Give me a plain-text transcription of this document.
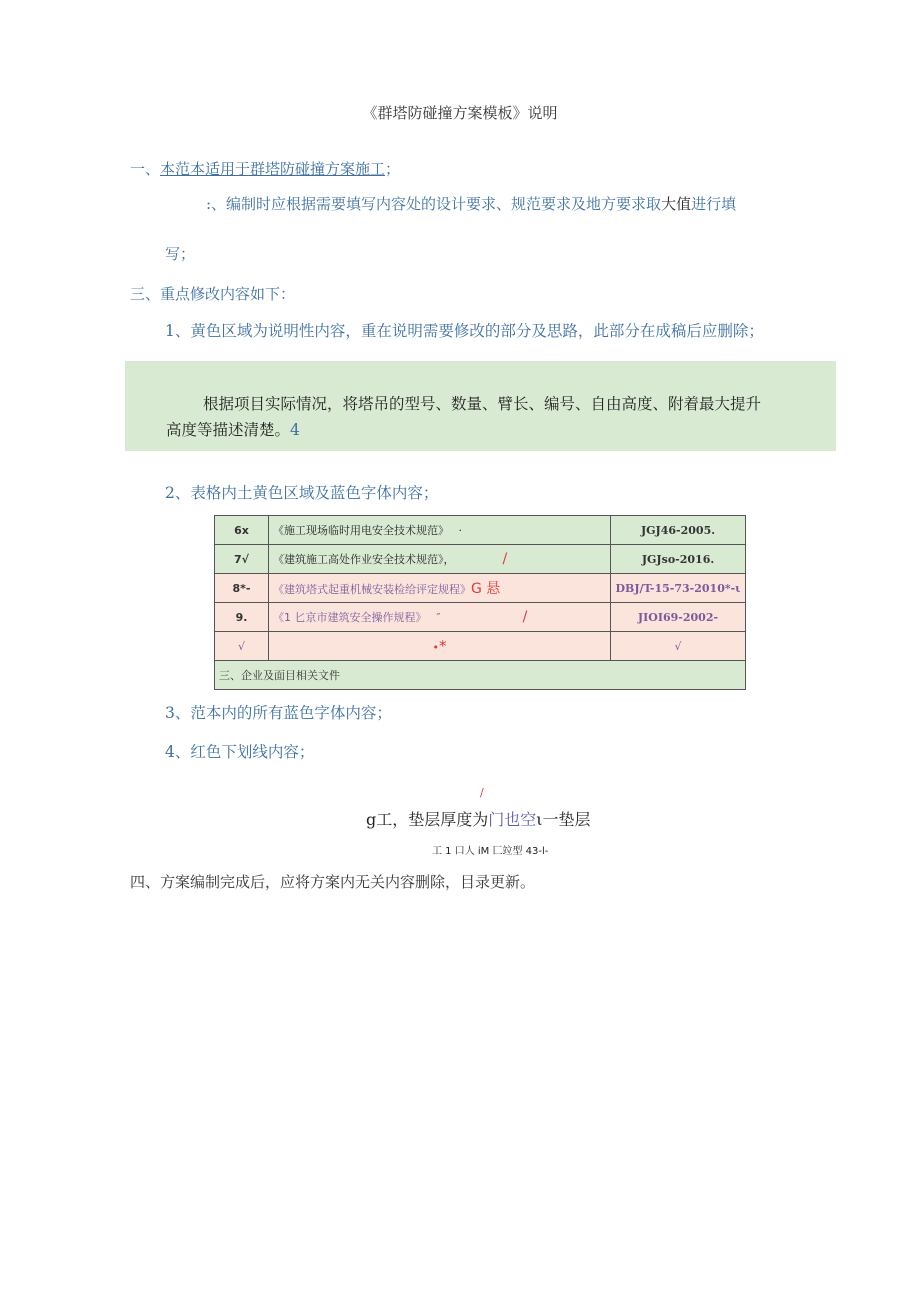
《群塔防碰撞方案模板》说明
一、本范本适用于群塔防碰撞方案施工；
:、编制时应根据需要填写内容处的设计要求、规范要求及地方要求取大值进行填
写；
三、重点修改内容如下：
1、黄色区域为说明性内容，重在说明需要修改的部分及思路，此部分在成稿后应删除；
根据项目实际情况，将塔吊的型号、数量、臂长、编号、自由高度、附着最大提升
高度等描述清楚。4
2、表格内土黄色区域及蓝色字体内容；
6x	《施工现场临时用电安全技术规范》 ·	JGJ46-2005.
7√	《建筑施工高处作业安全技术规范》， /	JGJso-2016.
8*-	《建筑塔式起重机械安装检给评定规程》G 悬	DBJ/T-15-73-2010*-ι
9.	《1 匕京市建筑安全操作规程》 ″ /	JIOI69-2002-
√	•*	√
三、企业及面目相关文件		
3、范本内的所有蓝色字体内容；
4、红色下划线内容；
/
g工，垫层厚度为门也空ι一垫层
工 1 口人 iM 匚竝型 43-l-
四、方案编制完成后，应将方案内无关内容删除，目录更新。
